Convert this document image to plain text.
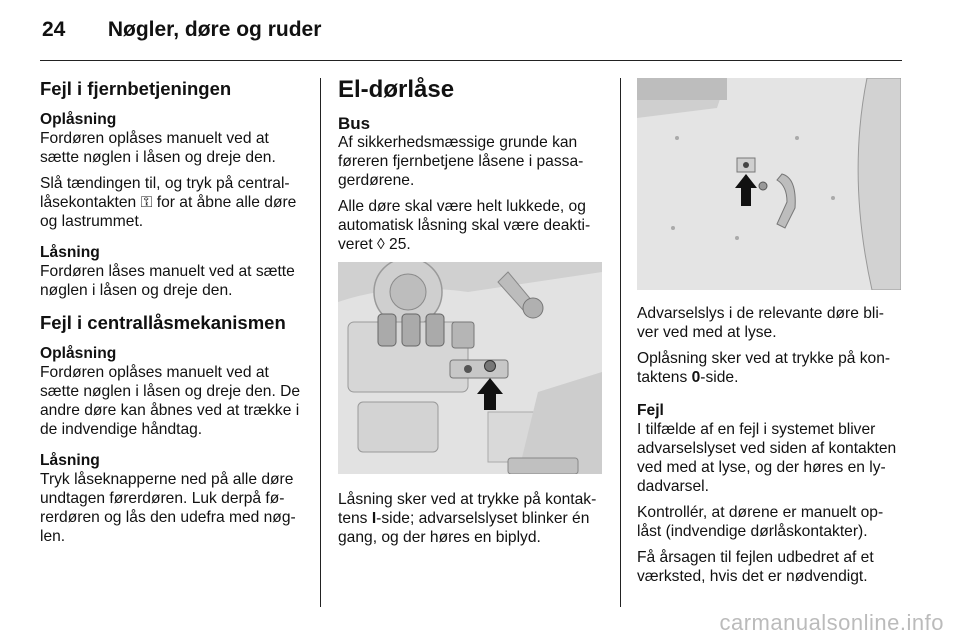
24 Nøgler, døre og ruder
Fejl i fjernbetjeningen
Oplåsning

Fordøren oplåses manuelt ved at sætte nøglen i låsen og dreje den.

Slå tændingen til, og tryk på central-låsekontakten ⚿ for at åbne alle døre og lastrummet.

Låsning

Fordøren låses manuelt ved at sætte nøglen i låsen og dreje den.

Fejl i centrallåsmekanismen
Oplåsning

Fordøren oplåses manuelt ved at sætte nøglen i låsen og dreje den. De andre døre kan åbnes ved at trække i de indvendige håndtag.

Låsning

Tryk låseknapperne ned på alle døre undtagen førerdøren. Luk derpå fø-rerdøren og lås den udefra med nøg-len.

El-dørlåse
Bus

Af sikkerhedsmæssige grunde kan føreren fjernbetjene låsene i passa-gerdørene.

Alle døre skal være helt lukkede, og automatisk låsning skal være deakti-veret ◊ 25.

Låsning sker ved at trykke på kontak-tens I-side; advarselslyset blinker én gang, og der høres en biplyd.

Advarselslys i de relevante døre bli-ver ved med at lyse.

Oplåsning sker ved at trykke på kon-taktens 0-side.

Fejl

I tilfælde af en fejl i systemet bliver advarselslyset ved siden af kontakten ved med at lyse, og der høres en ly-dadvarsel.

Kontrollér, at dørene er manuelt op-låst (indvendige dørlåskontakter).

Få årsagen til fejlen udbedret af et værksted, hvis det er nødvendigt.

carmanualsonline.info
